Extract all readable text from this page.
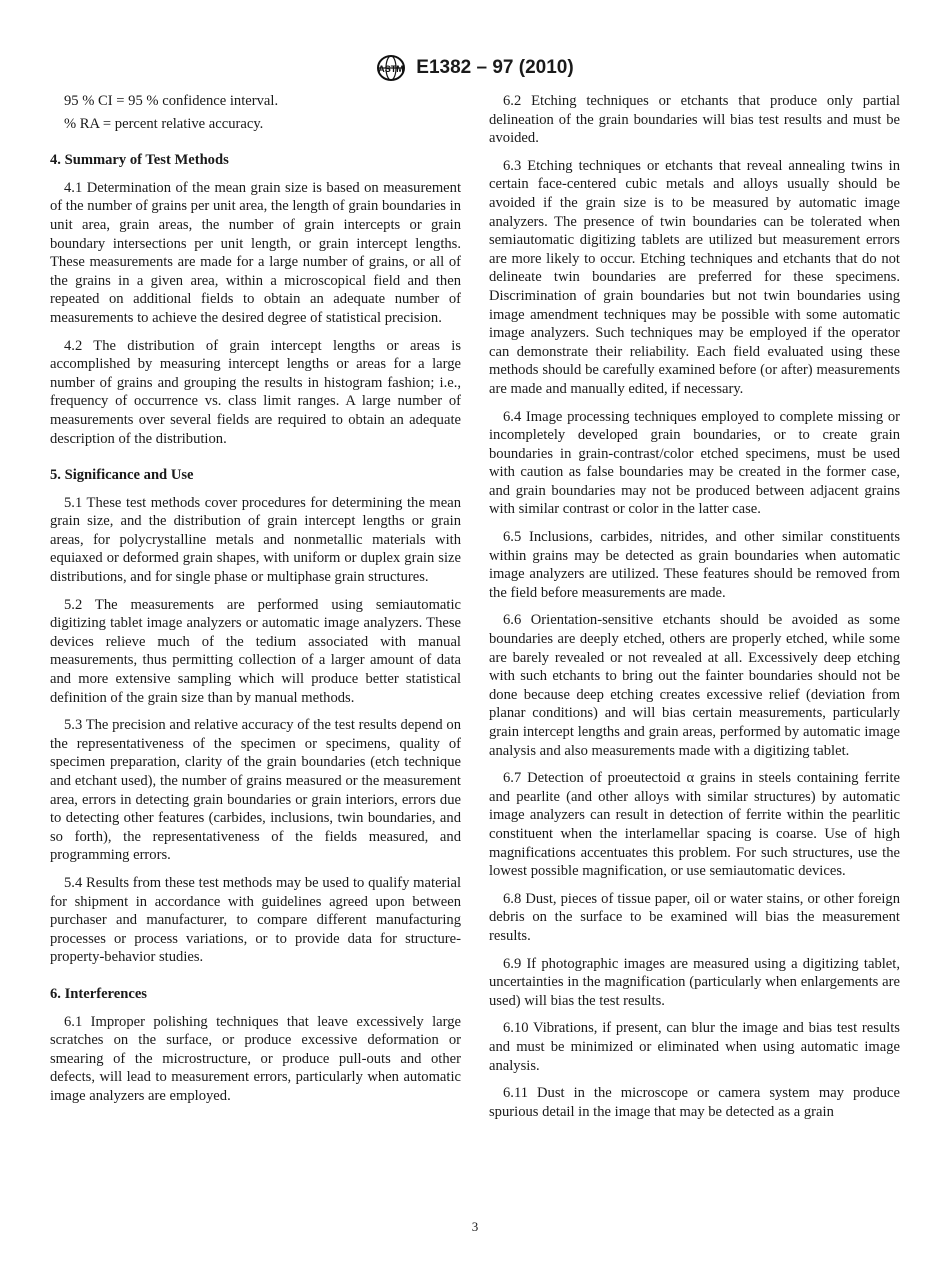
ASTM E1382 – 97 (2010)

95 % CI = 95 % confidence interval.

% RA = percent relative accuracy.

4. Summary of Test Methods

4.1 Determination of the mean grain size is based on measurement of the number of grains per unit area, the length of grain boundaries in unit area, grain areas, the number of grain intercepts or grain boundary intersections per unit length, or grain intercept lengths. These measurements are made for a large number of grains, or all of the grains in a given area, within a microscopical field and then repeated on additional fields to obtain an adequate number of measurements to achieve the desired degree of statistical precision.

4.2 The distribution of grain intercept lengths or areas is accomplished by measuring intercept lengths or areas for a large number of grains and grouping the results in histogram fashion; i.e., frequency of occurrence vs. class limit ranges. A large number of measurements over several fields are required to obtain an adequate description of the distribution.

5. Significance and Use

5.1 These test methods cover procedures for determining the mean grain size, and the distribution of grain intercept lengths or grain areas, for polycrystalline metals and nonmetallic materials with equiaxed or deformed grain shapes, with uniform or duplex grain size distributions, and for single phase or multiphase grain structures.

5.2 The measurements are performed using semiautomatic digitizing tablet image analyzers or automatic image analyzers. These devices relieve much of the tedium associated with manual measurements, thus permitting collection of a larger amount of data and more extensive sampling which will produce better statistical definition of the grain size than by manual methods.

5.3 The precision and relative accuracy of the test results depend on the representativeness of the specimen or specimens, quality of specimen preparation, clarity of the grain boundaries (etch technique and etchant used), the number of grains measured or the measurement area, errors in detecting grain boundaries or grain interiors, errors due to detecting other features (carbides, inclusions, twin boundaries, and so forth), the representativeness of the fields measured, and programming errors.

5.4 Results from these test methods may be used to qualify material for shipment in accordance with guidelines agreed upon between purchaser and manufacturer, to compare different manufacturing processes or process variations, or to provide data for structure-property-behavior studies.

6. Interferences

6.1 Improper polishing techniques that leave excessively large scratches on the surface, or produce excessive deformation or smearing of the microstructure, or produce pull-outs and other defects, will lead to measurement errors, particularly when automatic image analyzers are employed.

6.2 Etching techniques or etchants that produce only partial delineation of the grain boundaries will bias test results and must be avoided.

6.3 Etching techniques or etchants that reveal annealing twins in certain face-centered cubic metals and alloys usually should be avoided if the grain size is to be measured by automatic image analyzers. The presence of twin boundaries can be tolerated when semiautomatic digitizing tablets are utilized but measurement errors are more likely to occur. Etching techniques and etchants that do not delineate twin boundaries are preferred for these specimens. Discrimination of grain boundaries but not twin boundaries using image amendment techniques may be possible with some automatic image analyzers. Such techniques may be employed if the operator can demonstrate their reliability. Each field evaluated using these methods should be carefully examined before (or after) measurements are made and manually edited, if necessary.

6.4 Image processing techniques employed to complete missing or incompletely developed grain boundaries, or to create grain boundaries in grain-contrast/color etched specimens, must be used with caution as false boundaries may be created in the former case, and grain boundaries may not be produced between adjacent grains with similar contrast or color in the latter case.

6.5 Inclusions, carbides, nitrides, and other similar constituents within grains may be detected as grain boundaries when automatic image analyzers are utilized. These features should be removed from the field before measurements are made.

6.6 Orientation-sensitive etchants should be avoided as some boundaries are deeply etched, others are properly etched, while some are barely revealed or not revealed at all. Excessively deep etching with such etchants to bring out the fainter boundaries should not be done because deep etching creates excessive relief (deviation from planar conditions) and will bias certain measurements, particularly grain intercept lengths and grain areas, performed by automatic image analysis and also measurements made with a digitizing tablet.

6.7 Detection of proeutectoid α grains in steels containing ferrite and pearlite (and other alloys with similar structures) by automatic image analyzers can result in detection of ferrite within the pearlitic constituent when the interlamellar spacing is coarse. Use of high magnifications accentuates this problem. For such structures, use the lowest possible magnification, or use semiautomatic devices.

6.8 Dust, pieces of tissue paper, oil or water stains, or other foreign debris on the surface to be examined will bias the measurement results.

6.9 If photographic images are measured using a digitizing tablet, uncertainties in the magnification (particularly when enlargements are used) will bias the test results.

6.10 Vibrations, if present, can blur the image and bias test results and must be minimized or eliminated when using automatic image analysis.

6.11 Dust in the microscope or camera system may produce spurious detail in the image that may be detected as a grain

3
